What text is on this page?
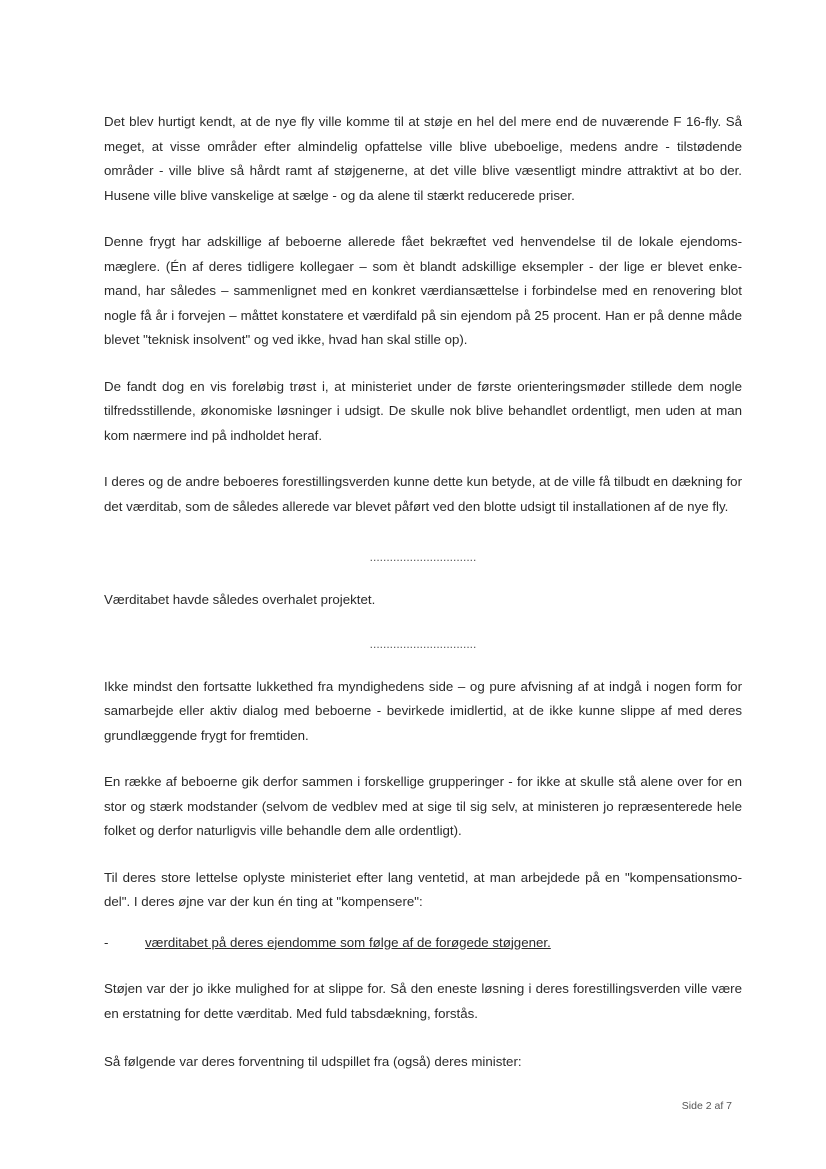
Det blev hurtigt kendt, at de nye fly ville komme til at støje en hel del mere end de nuværende F 16-fly. Så meget, at visse områder efter almindelig opfattelse ville blive ubeboelige, medens andre - tilstødende områder - ville blive så hårdt ramt af støjgenerne, at det ville blive væsentligt mindre attraktivt at bo der. Husene ville blive vanskelige at sælge - og da alene til stærkt reducerede priser.

Denne frygt har adskillige af beboerne allerede fået bekræftet ved henvendelse til de lokale ejendoms-mæglere. (Én af deres tidligere kollegaer – som èt blandt adskillige eksempler - der lige er blevet enke-mand, har således – sammenlignet med en konkret værdiansættelse i forbindelse med en renovering blot nogle få år i forvejen – måttet konstatere et værdifald på sin ejendom på 25 procent. Han er på denne måde blevet "teknisk insolvent" og ved ikke, hvad han skal stille op).

De fandt dog en vis foreløbig trøst i, at ministeriet under de første orienteringsmøder stillede dem nogle tilfredsstillende, økonomiske løsninger i udsigt. De skulle nok blive behandlet ordentligt, men uden at man kom nærmere ind på indholdet heraf.

I deres og de andre beboeres forestillingsverden kunne dette kun betyde, at de ville få tilbudt en dækning for det værditab, som de således allerede var blevet påført ved den blotte udsigt til installationen af de nye fly.

................................

Værditabet havde således overhalet projektet.

................................

Ikke mindst den fortsatte lukkethed fra myndighedens side – og pure afvisning af at indgå i nogen form for samarbejde eller aktiv dialog med beboerne - bevirkede imidlertid, at de ikke kunne slippe af med deres grundlæggende frygt for fremtiden.

En række af beboerne gik derfor sammen i forskellige grupperinger - for ikke at skulle stå alene over for en stor og stærk modstander (selvom de vedblev med at sige til sig selv, at ministeren jo repræsenterede hele folket og derfor naturligvis ville behandle dem alle ordentligt).

Til deres store lettelse oplyste ministeriet efter lang ventetid, at man arbejdede på en "kompensationsmo-del". I deres øjne var der kun én ting at "kompensere":

-	værditabet på deres ejendomme som følge af de forøgede støjgener.

Støjen var der jo ikke mulighed for at slippe for. Så den eneste løsning i deres forestillingsverden ville være en erstatning for dette værditab. Med fuld tabsdækning, forstås.

Så følgende var deres forventning til udspillet fra (også) deres minister:

Side 2 af 7
